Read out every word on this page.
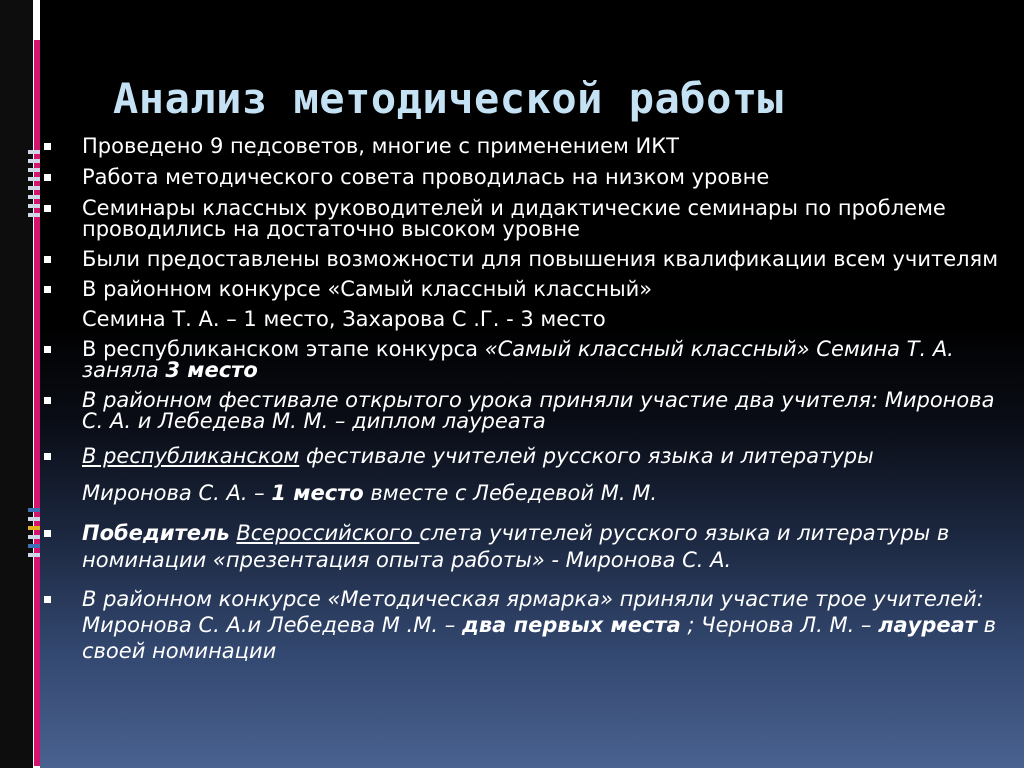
Анализ методической работы
Проведено 9 педсоветов, многие с применением ИКТ
Работа методического совета проводилась на низком уровне
Семинары классных руководителей и дидактические семинары по проблеме проводились на достаточно высоком уровне
Были предоставлены возможности для повышения квалификации всем учителям
В районном конкурсе «Самый классный классный»
Семина Т. А. – 1 место, Захарова С .Г. - 3 место
В республиканском этапе конкурса «Самый классный классный» Семина Т. А. заняла 3 место
В районном фестивале открытого урока приняли участие два учителя: Миронова С. А. и Лебедева М. М. – диплом лауреата
В республиканском фестивале учителей русского языка и литературы
Миронова С. А. – 1 место вместе с Лебедевой М. М.
Победитель Всероссийского слета учителей русского языка и литературы в номинации «презентация опыта работы» - Миронова С. А.
В районном конкурсе «Методическая ярмарка» приняли участие трое учителей: Миронова С. А.и Лебедева М .М. – два первых места ; Чернова Л. М. – лауреат в своей номинации
